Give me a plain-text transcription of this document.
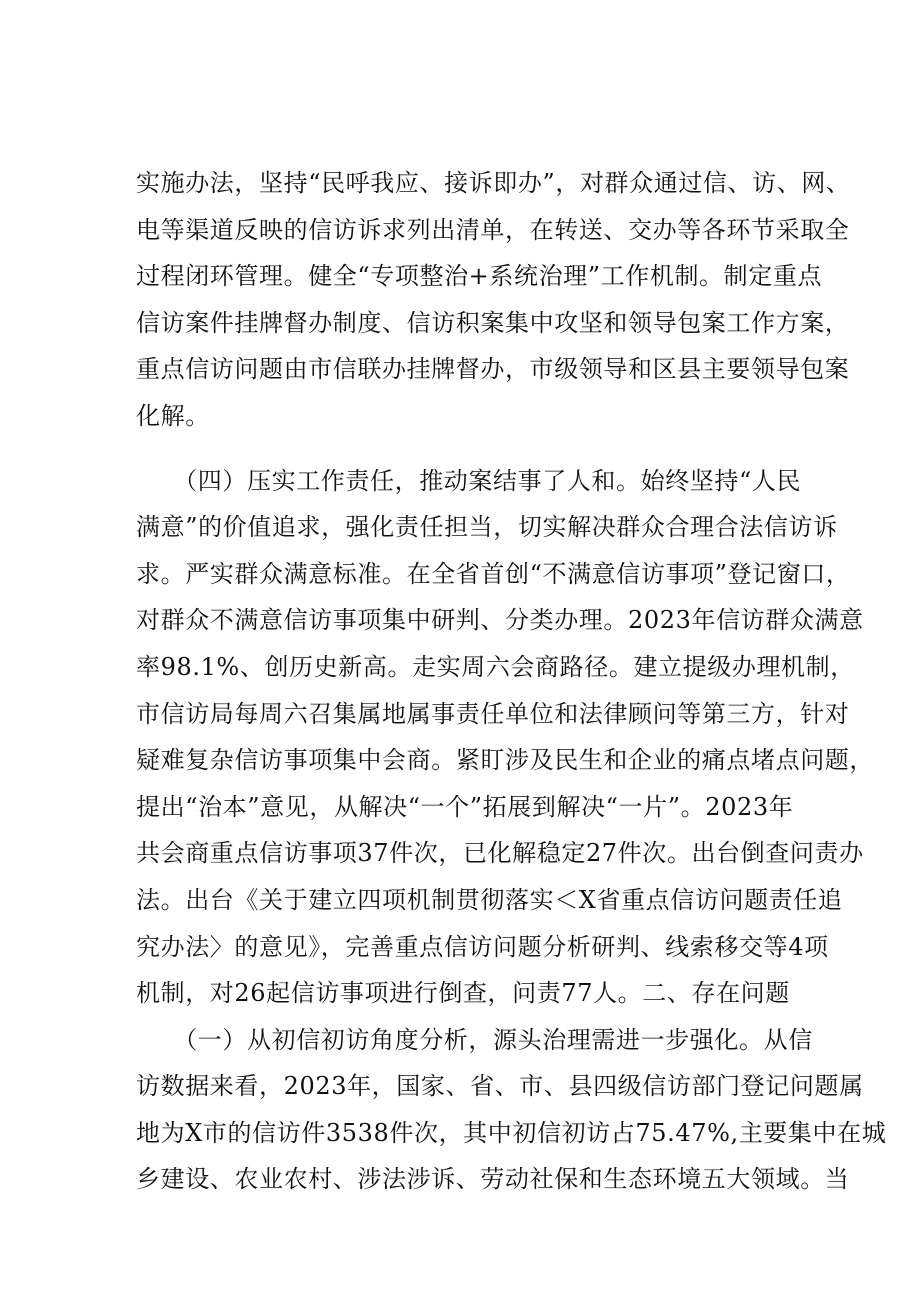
实施办法，坚持“民呼我应、接诉即办”，对群众通过信、访、网、
电等渠道反映的信访诉求列出清单，在转送、交办等各环节采取全
过程闭环管理。健全“专项整治+系统治理”工作机制。制定重点
信访案件挂牌督办制度、信访积案集中攻坚和领导包案工作方案，
重点信访问题由市信联办挂牌督办，市级领导和区县主要领导包案
化解。
　　（四）压实工作责任，推动案结事了人和。始终坚持“人民
满意”的价值追求，强化责任担当，切实解决群众合理合法信访诉
求。严实群众满意标准。在全省首创“不满意信访事项”登记窗口，
对群众不满意信访事项集中研判、分类办理。2023年信访群众满意
率98.1%、创历史新高。走实周六会商路径。建立提级办理机制，
市信访局每周六召集属地属事责任单位和法律顾问等第三方，针对
疑难复杂信访事项集中会商。紧盯涉及民生和企业的痛点堵点问题，
提出“治本”意见，从解决“一个”拓展到解决“一片”。2023年
共会商重点信访事项37件次，已化解稳定27件次。出台倒查问责办
法。出台《关于建立四项机制贯彻落实＜X省重点信访问题责任追
究办法〉的意见》，完善重点信访问题分析研判、线索移交等4项
机制，对26起信访事项进行倒查，问责77人。二、存在问题
　　（一）从初信初访角度分析，源头治理需进一步强化。从信
访数据来看，2023年，国家、省、市、县四级信访部门登记问题属
地为X市的信访件3538件次，其中初信初访占75.47%,主要集中在城
乡建设、农业农村、涉法涉诉、劳动社保和生态环境五大领域。当
